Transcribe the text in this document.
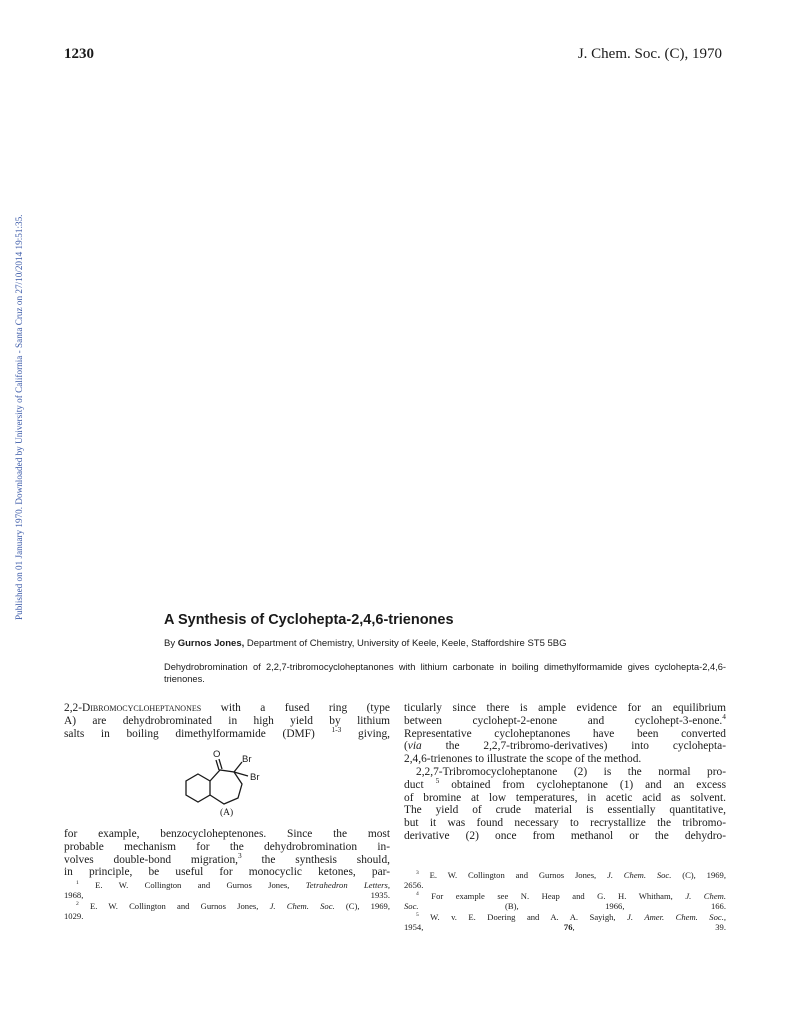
1230	J. Chem. Soc. (C), 1970
Published on 01 January 1970. Downloaded by University of California - Santa Cruz on 27/10/2014 19:51:35.	A Synthesis of Cyclohepta-2,4,6-trienones
By Gurnos Jones, Department of Chemistry, University of Keele, Keele, Staffordshire ST5 5BG
Dehydrobromination of 2,2,7-tribromocycloheptanones with lithium carbonate in boiling dimethylformamide gives cyclohepta-2,4,6-trienones.
2,2-Dibromocycloheptanones with a fused ring (type
A) are dehydrobrominated in high yield by lithium
salts in boiling dimethylformamide (DMF) $^{1-3}$ giving,
O Br
Br
(A)
for example, benzocycloheptenones. Since the most
probable mechanism for the dehydrobromination in-
volves double-bond migration,$^3$ the synthesis should,
in principle, be useful for monocyclic ketones, par-
$^1$ E. W. Collington and Gurnos Jones, Tetrahedron Letters,
1968, 1935.
$^2$ E. W. Collington and Gurnos Jones, J. Chem. Soc. (C), 1969,
1029.
ticularly since there is ample evidence for an equilibrium
between cyclohept-2-enone and cyclohept-3-enone.$^4$
Representative cycloheptanones have been converted
(via the 2,2,7-tribromo-derivatives) into cyclohepta-
2,4,6-trienones to illustrate the scope of the method.
2,2,7-Tribromocycloheptanone (2) is the normal pro-
duct $^5$ obtained from cycloheptanone (1) and an excess
of bromine at low temperatures, in acetic acid as solvent.
The yield of crude material is essentially quantitative,
but it was found necessary to recrystallize the tribromo-
derivative (2) once from methanol or the dehydro-
$^3$ E. W. Collington and Gurnos Jones, J. Chem. Soc. (C), 1969,
2656.
$^4$ For example see N. Heap and G. H. Whitham, J. Chem.
Soc. (B), 1966, 166.
$^5$ W. v. E. Doering and A. A. Sayigh, J. Amer. Chem. Soc.,
1954, 76, 39.
